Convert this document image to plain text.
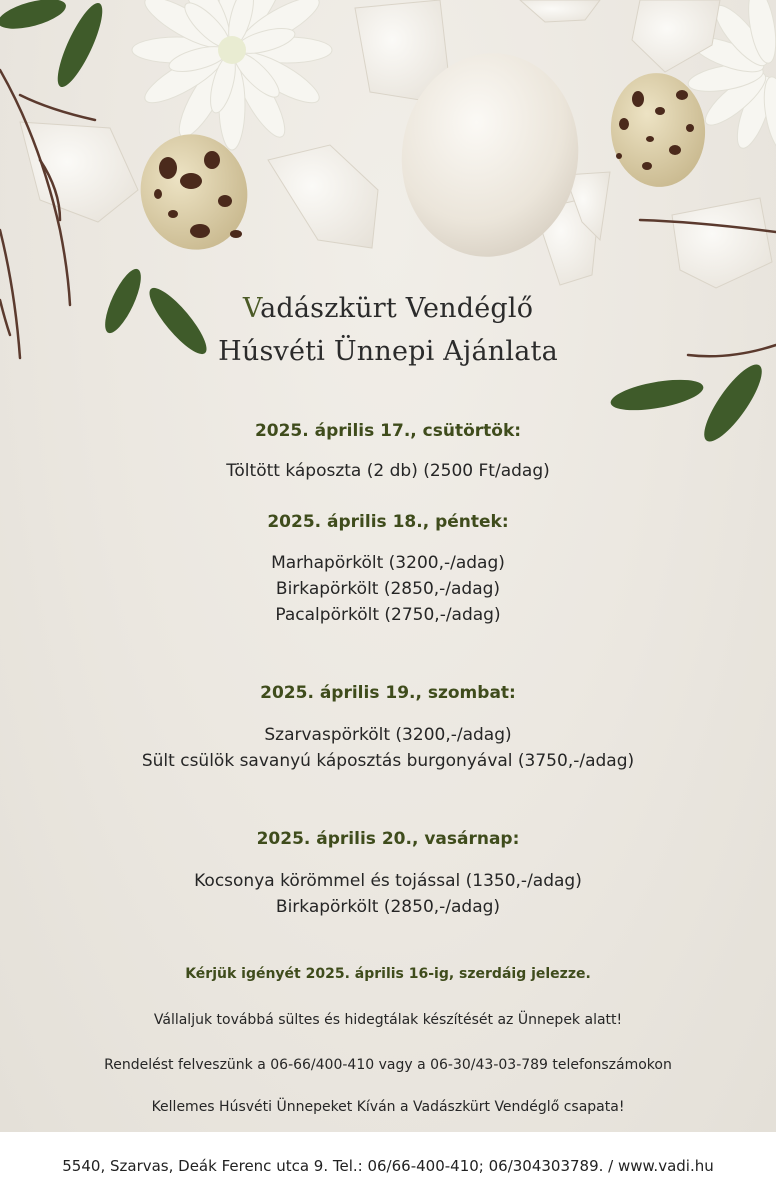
Vadászkürt Vendéglő
Húsvéti Ünnepi Ajánlata
2025. április 17., csütörtök:
Töltött káposzta (2 db) (2500 Ft/adag)
2025. április 18., péntek:
Marhapörkölt (3200,-/adag)
Birkapörkölt (2850,-/adag)
Pacalpörkölt (2750,-/adag)
2025. április 19., szombat:
Szarvaspörkölt (3200,-/adag)
Sült csülök savanyú káposztás burgonyával (3750,-/adag)
2025. április 20., vasárnap:
Kocsonya körömmel és tojással (1350,-/adag)
Birkapörkölt (2850,-/adag)
Kérjük igényét 2025. április 16-ig, szerdáig jelezze.
Vállaljuk továbbá sültes és hidegtálak készítését az Ünnepek alatt!
Rendelést felveszünk a 06-66/400-410 vagy a 06-30/43-03-789 telefonszámokon
Kellemes Húsvéti Ünnepeket Kíván a Vadászkürt Vendéglő csapata!
5540, Szarvas, Deák Ferenc utca 9. Tel.: 06/66-400-410; 06/304303789. / www.vadi.hu
